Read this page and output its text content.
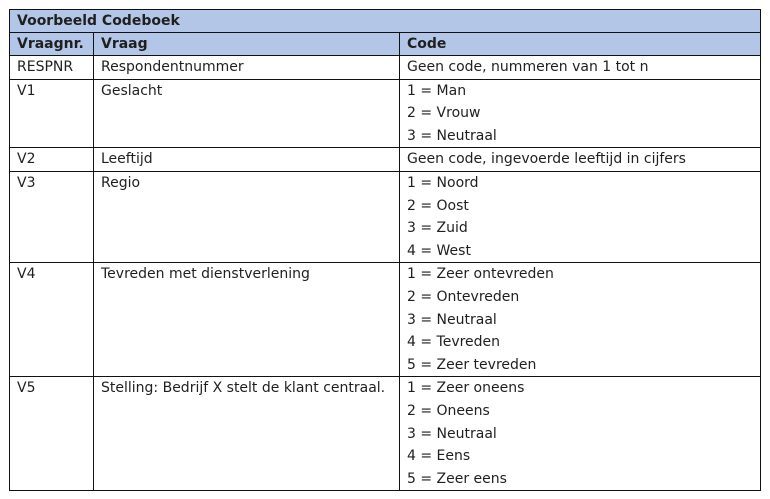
Voorbeeld Codeboek		
Vraagnr.	Vraag	Code
RESPNR	Respondentnummer	Geen code, nummeren van 1 tot n

V1	Geslacht	1 = Man
2 = Vrouw
3 = Neutraal

V2	Leeftijd	Geen code, ingevoerde leeftijd in cijfers

V3	Regio	1 = Noord
2 = Oost
3 = Zuid
4 = West

V4	Tevreden met dienstverlening	1 = Zeer ontevreden
2 = Ontevreden
3 = Neutraal
4 = Tevreden
5 = Zeer tevreden

V5	Stelling: Bedrijf X stelt de klant centraal.	1 = Zeer oneens
2 = Oneens
3 = Neutraal
4 = Eens
5 = Zeer eens
